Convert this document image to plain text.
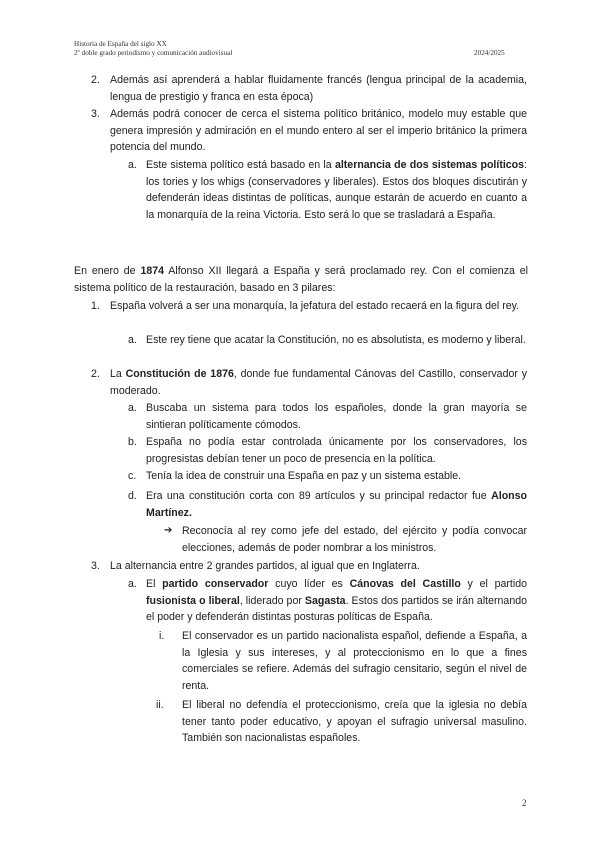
Historia de España del siglo XX
2º doble grado periodismo y comunicación audiovisual	2024/2025
2. Además así aprenderá a hablar fluidamente francés (lengua principal de la academia, lengua de prestigio y franca en esta época)
3. Además podrá conocer de cerca el sistema político británico, modelo muy estable que genera impresión y admiración en el mundo entero al ser el imperio británico la primera potencia del mundo.
a. Este sistema político está basado en la alternancia de dos sistemas políticos: los tories y los whigs (conservadores y liberales). Estos dos bloques discutirán y defenderán ideas distintas de políticas, aunque estarán de acuerdo en cuanto a la monarquía de la reina Victoria. Esto será lo que se trasladará a España.
En enero de 1874 Alfonso XII llegará a España y será proclamado rey. Con el comienza el sistema político de la restauración, basado en 3 pilares:
1. España volverá a ser una monarquía, la jefatura del estado recaerá en la figura del rey.
a. Este rey tiene que acatar la Constitución, no es absolutista, es moderno y liberal.
2. La Constitución de 1876, donde fue fundamental Cánovas del Castillo, conservador y moderado.
a. Buscaba un sistema para todos los españoles, donde la gran mayoría se sintieran políticamente cómodos.
b. España no podía estar controlada únicamente por los conservadores, los progresistas debían tener un poco de presencia en la política.
c. Tenía la idea de construir una España en paz y un sistema estable.
d. Era una constitución corta con 89 artículos y su principal redactor fue Alonso Martínez.
➔ Reconocía al rey como jefe del estado, del ejército y podía convocar elecciones, además de poder nombrar a los ministros.
3. La alternancia entre 2 grandes partidos, al igual que en Inglaterra.
a. El partido conservador cuyo líder es Cánovas del Castillo y el partido fusionista o liberal, liderado por Sagasta. Estos dos partidos se irán alternando el poder y defenderán distintas posturas políticas de España.
i. El conservador es un partido nacionalista español, defiende a España, a la Iglesia y sus intereses, y al proteccionismo en lo que a fines comerciales se refiere. Además del sufragio censitario, según el nivel de renta.
ii. El liberal no defendía el proteccionismo, creía que la iglesia no debía tener tanto poder educativo, y apoyan el sufragio universal masulino. También son nacionalistas españoles.
2
